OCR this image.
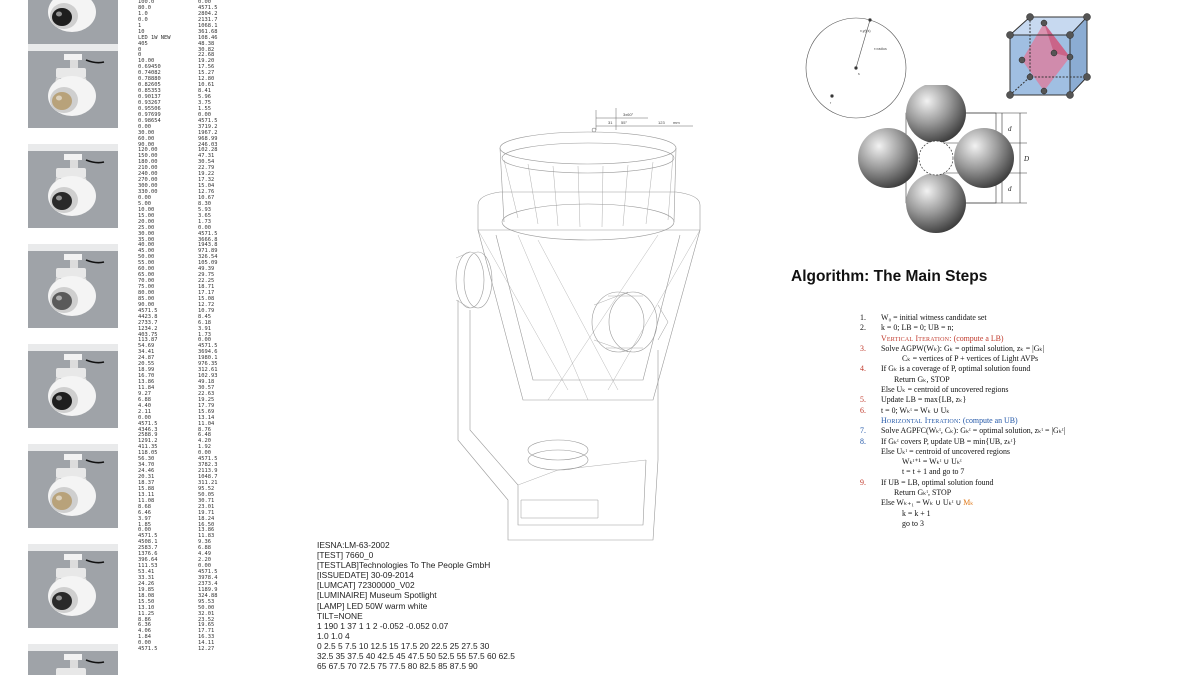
100.0	0.00
80.0	4571.5
1.0	2804.2
0.0	2131.7
1	1068.1
10	361.68
LED 1W NEW	108.46
405	48.38
0	30.82
0	22.68
10.00	19.20
0.69450	17.56
0.74082	15.27
0.78880	12.80
0.82605	10.61
0.85353	8.41
0.90137	5.96
0.93267	3.75
0.95506	1.55
0.97699	0.00
0.98654	4571.5
0.00	3719.2
30.00	1967.2
60.00	968.99
90.00	246.03
120.00	102.28
150.00	47.31
180.00	30.54
210.00	22.79
240.00	19.22
270.00	17.32
300.00	15.04
330.00	12.76
0.00	10.67
5.00	8.30
10.00	5.93
15.00	3.65
20.00	1.73
25.00	0.00
30.00	4571.5
35.00	3666.8
40.00	1943.8
45.00	971.89
50.00	326.54
55.00	105.09
60.00	49.39
65.00	29.75
70.00	22.25
75.00	18.71
80.00	17.17
85.00	15.08
90.00	12.72
4571.5	10.79
4423.8	8.45
2733.7	6.18
1234.2	3.91
403.75	1.73
113.87	0.00
54.69	4571.5
34.41	3694.6
24.87	1980.1
20.55	976.35
18.99	312.61
16.70	102.93
13.86	49.18
11.84	30.57
9.27	22.63
6.88	19.25
4.40	17.79
2.11	15.69
0.00	13.14
4571.5	11.04
4346.3	8.76
2588.9	6.48
1291.2	4.20
411.35	1.92
118.05	0.00
56.30	4571.5
34.70	3782.3
24.46	2113.9
20.31	1048.7
18.37	311.21
15.88	95.52
13.11	50.05
11.08	30.71
8.68	23.01
6.46	19.71
3.97	18.24
1.85	16.50
0.00	13.86
4571.5	11.83
4508.1	9.36
2583.7	6.88
1376.6	4.49
396.64	2.20
111.53	0.00
53.41	4571.5
33.31	3978.4
24.26	2373.4
19.85	1189.9
18.08	324.88
15.50	95.53
13.10	50.00
11.25	32.01
8.86	23.52
6.36	19.65
4.06	17.71
1.84	16.33
0.00	14.11
4571.5	12.27
3x60°
31 55°	123 mm
IESNA:LM-63-2002
[TEST] 7660_0
[TESTLAB]Technologies To The People GmbH
[ISSUEDATE] 30-09-2014
[LUMCAT] 72300000_V02
[LUMINAIRE] Museum Spotlight
[LAMP] LED 50W warm white
TILT=NONE
1 190 1 37 1 1 2 -0.052 -0.052 0.07
1.0 1.0 4
0 2.5 5 7.5 10 12.5 15 17.5 20 22.5 25 27.5 30
32.5 35 37.5 40 42.5 45 47.5 50 52.5 55 57.5 60 62.5
65 67.5 70 72.5 75 77.5 80 82.5 85 87.5 90
x,y(t,s)
r=radius
s
r
d
D
d
Algorithm: The Main Steps
1.	W₀ = initial witness candidate set
2.	k = 0; LB = 0; UB = n;
Vertical Iteration: (compute a LB)
3.	Solve AGPW(Wₖ): Gₖ = optimal solution, zₖ = |Gₖ|
Cₖ = vertices of P + vertices of Light AVPs
4.	If Gₖ is a coverage of P, optimal solution found
Return Gₖ, STOP
Else Uₖ = centroid of uncovered regions
5.	Update LB = max{LB, zₖ}
6.	t = 0; Wₖᵗ = Wₖ ∪ Uₖ
Horizontal Iteration: (compute an UB)
7.	Solve AGPFC(Wₖᵗ, Cₖ): Gₖᵗ = optimal solution, zₖᵗ = |Gₖᵗ|
8.	If Gₖᵗ covers P, update UB = min{UB, zₖᵗ}
Else Uₖᵗ = centroid of uncovered regions
Wₖᵗ⁺¹ = Wₖᵗ ∪ Uₖᵗ
t = t + 1 and go to 7
9.	If UB = LB, optimal solution found
Return Gₖᵗ, STOP
Else Wₖ₊₁ = Wₖ ∪ Uₖᵗ ∪ Mₖ
k = k + 1
go to 3
